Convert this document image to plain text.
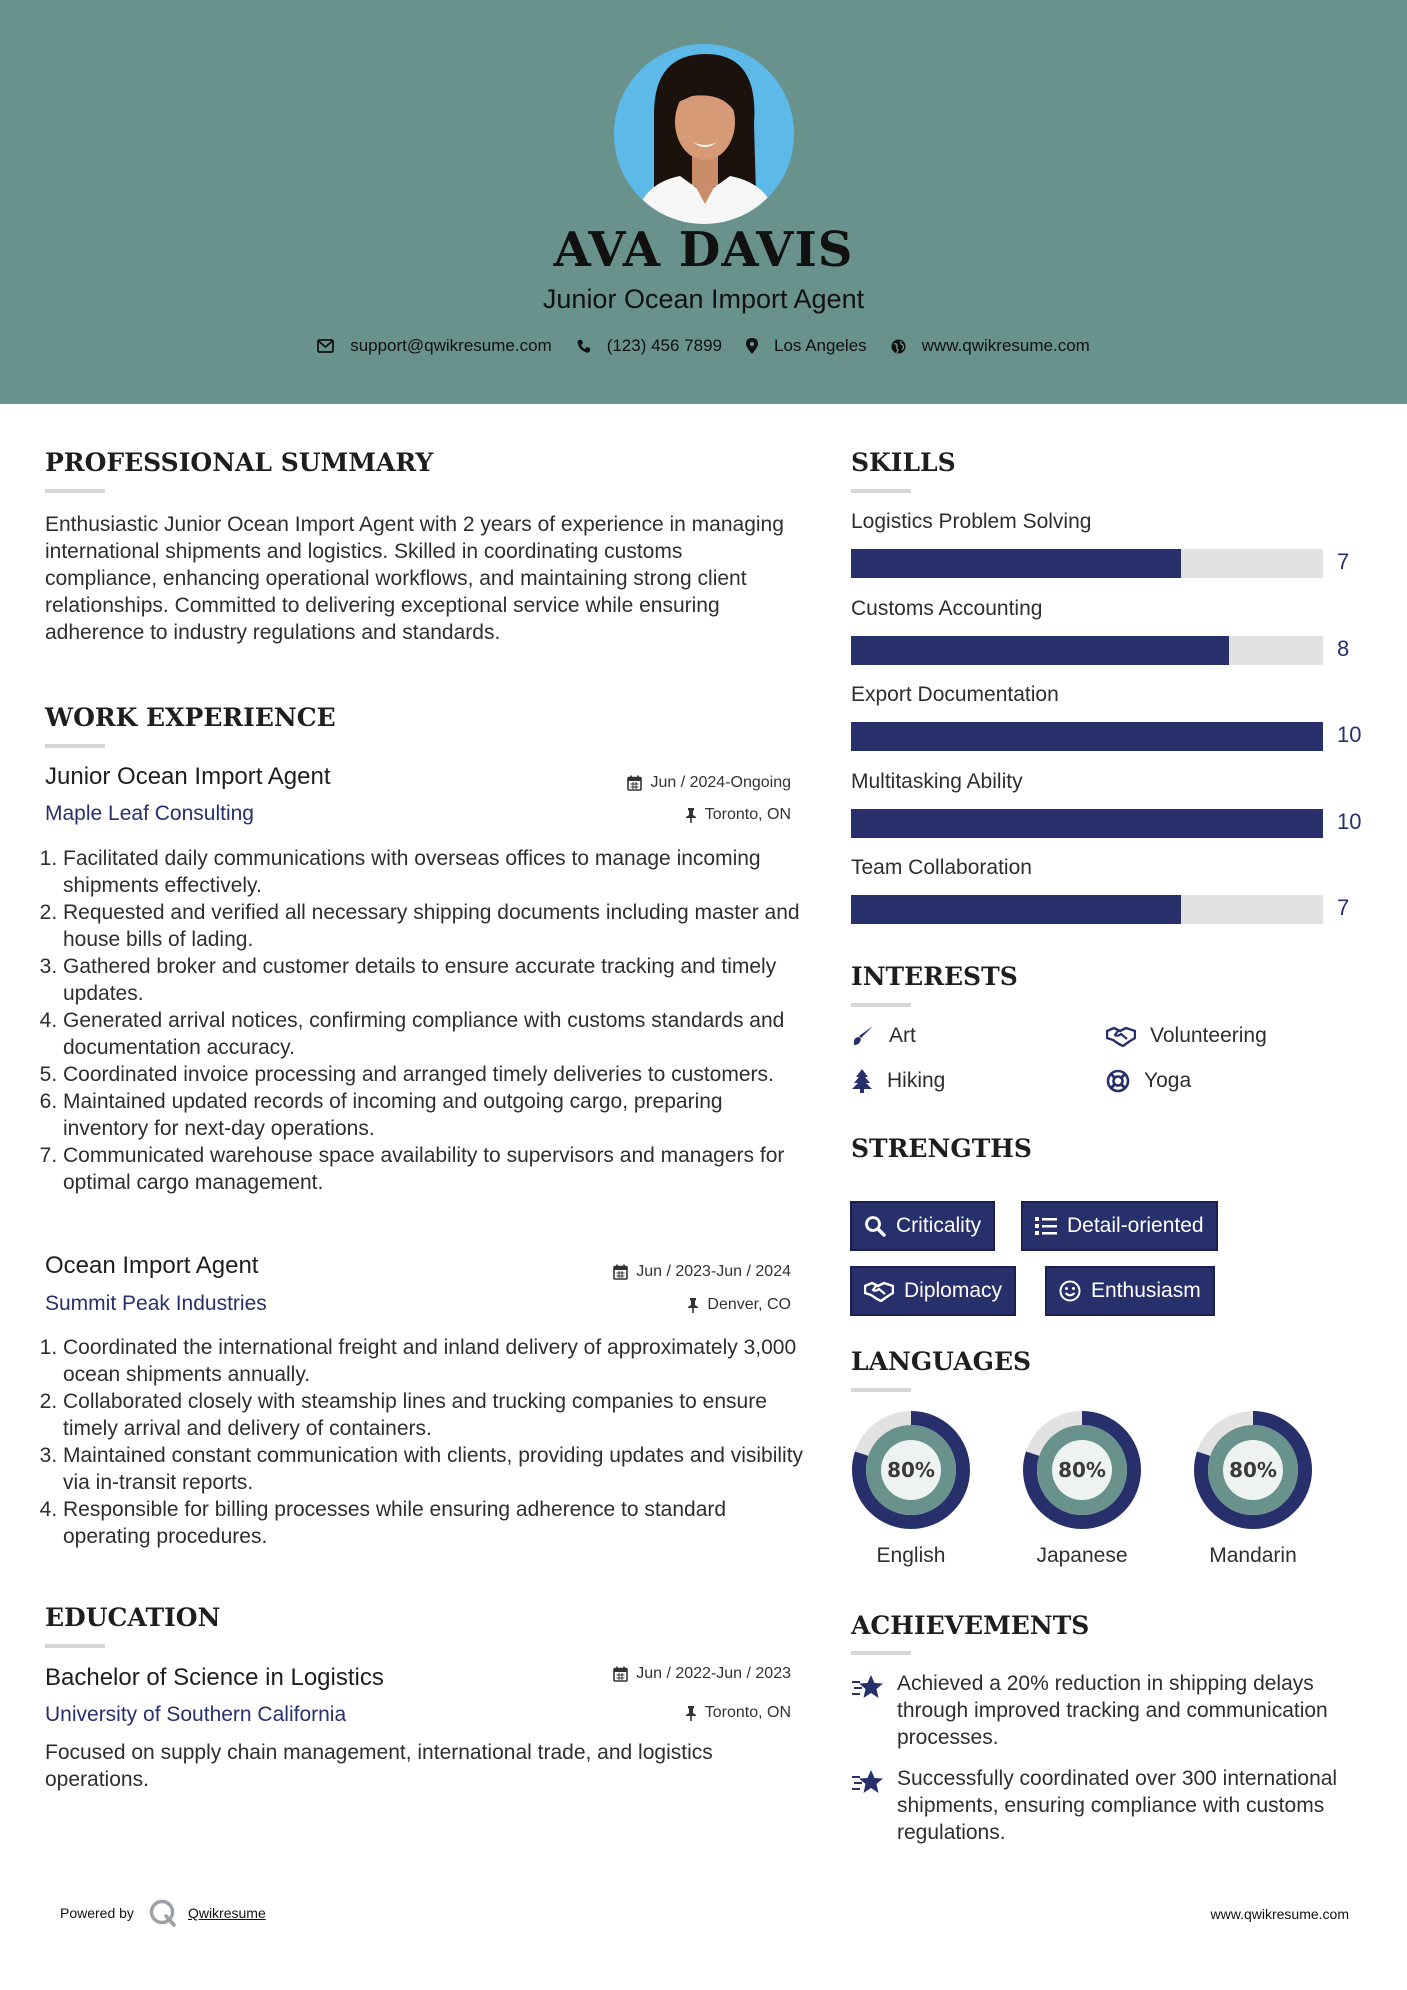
AVA DAVIS
Junior Ocean Import Agent
support@qwikresume.com	(123) 456 7899	Los Angeles	www.qwikresume.com
PROFESSIONAL SUMMARY

Enthusiastic Junior Ocean Import Agent with 2 years of experience in managing international shipments and logistics. Skilled in coordinating customs compliance, enhancing operational workflows, and maintaining strong client relationships. Committed to delivering exceptional service while ensuring adherence to industry regulations and standards.

WORK EXPERIENCE
Junior Ocean Import Agent	Jun / 2024-Ongoing
Maple Leaf Consulting	Toronto, ON
1. Facilitated daily communications with overseas offices to manage incoming shipments effectively.
2. Requested and verified all necessary shipping documents including master and house bills of lading.
3. Gathered broker and customer details to ensure accurate tracking and timely updates.
4. Generated arrival notices, confirming compliance with customs standards and documentation accuracy.
5. Coordinated invoice processing and arranged timely deliveries to customers.
6. Maintained updated records of incoming and outgoing cargo, preparing inventory for next-day operations.
7. Communicated warehouse space availability to supervisors and managers for optimal cargo management.
Ocean Import Agent	Jun / 2023-Jun / 2024
Summit Peak Industries	Denver, CO
1. Coordinated the international freight and inland delivery of approximately 3,000 ocean shipments annually.
2. Collaborated closely with steamship lines and trucking companies to ensure timely arrival and delivery of containers.
3. Maintained constant communication with clients, providing updates and visibility via in-transit reports.
4. Responsible for billing processes while ensuring adherence to standard operating procedures.
EDUCATION
Bachelor of Science in Logistics	Jun / 2022-Jun / 2023
University of Southern California	Toronto, ON

Focused on supply chain management, international trade, and logistics operations.

SKILLS
Logistics Problem Solving
7
Customs Accounting
8
Export Documentation
10
Multitasking Ability
10
Team Collaboration
7
INTERESTS
Art	Volunteering
Hiking	Yoga
STRENGTHS
Criticality	Detail-oriented
Diplomacy	Enthusiasm
LANGUAGES
80%
English
80%
Japanese
80%
Mandarin
ACHIEVEMENTS
Achieved a 20% reduction in shipping delays through improved tracking and communication processes.
Successfully coordinated over 300 international shipments, ensuring compliance with customs regulations.
Powered by	Qwikresume	www.qwikresume.com
